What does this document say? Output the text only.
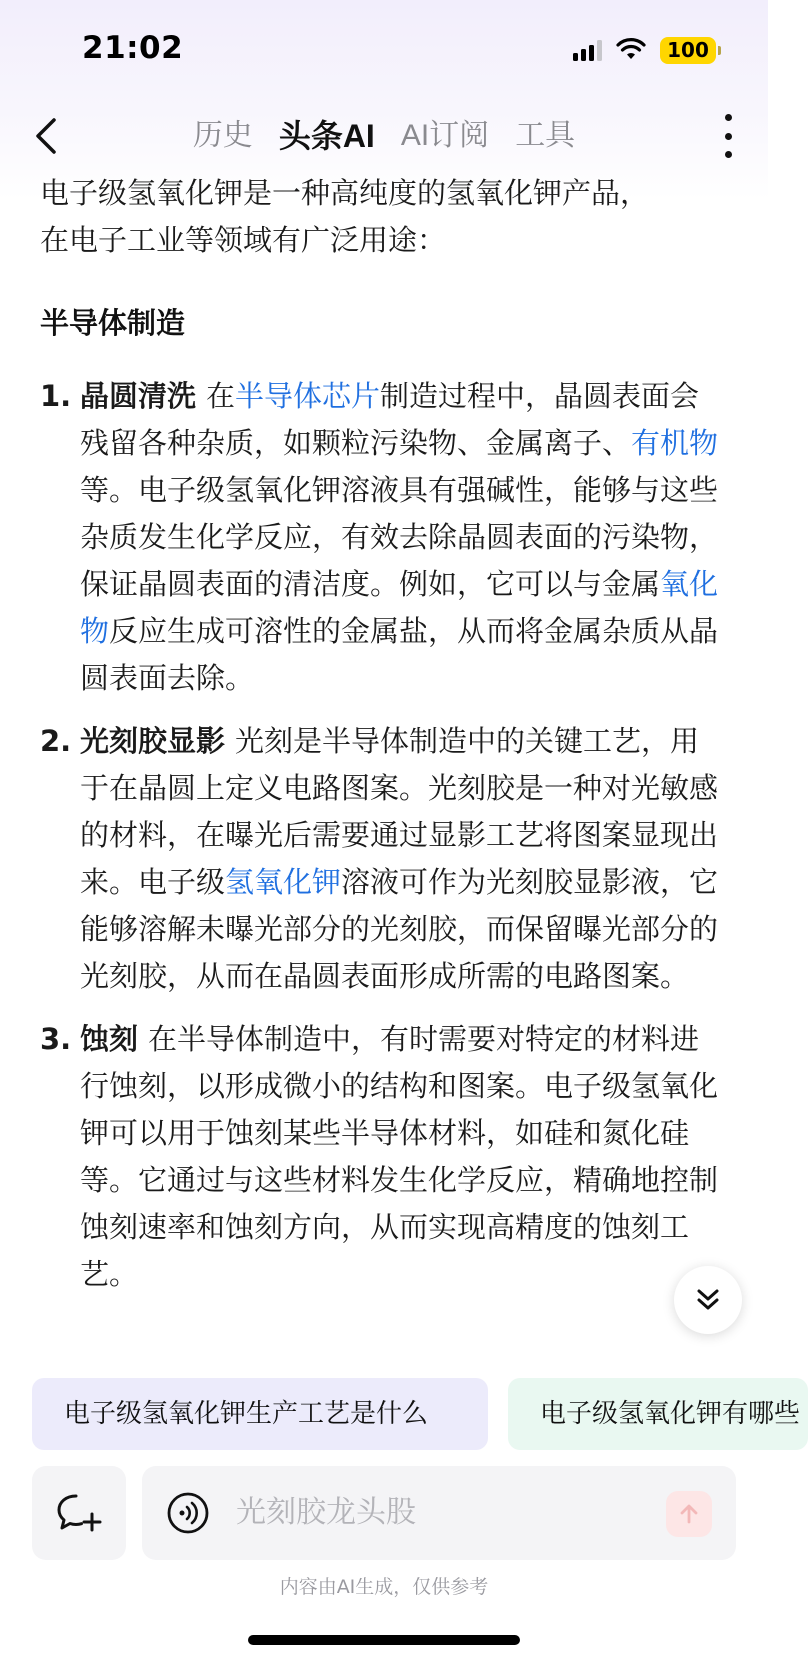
21:02	100
历史 头条AI AI订阅 工具

电子级氢氧化钾是一种高纯度的氢氧化钾产品，
在电子工业等领域有广泛用途：

半导体制造
1. 晶圆清洗 在半导体芯片制造过程中，晶圆表面会残留各种杂质，如颗粒污染物、金属离子、有机物等。电子级氢氧化钾溶液具有强碱性，能够与这些杂质发生化学反应，有效去除晶圆表面的污染物，保证晶圆表面的清洁度。例如，它可以与金属氧化物反应生成可溶性的金属盐，从而将金属杂质从晶圆表面去除。
2. 光刻胶显影 光刻是半导体制造中的关键工艺，用于在晶圆上定义电路图案。光刻胶是一种对光敏感的材料，在曝光后需要通过显影工艺将图案显现出来。电子级氢氧化钾溶液可作为光刻胶显影液，它能够溶解未曝光部分的光刻胶，而保留曝光部分的光刻胶，从而在晶圆表面形成所需的电路图案。
3. 蚀刻 在半导体制造中，有时需要对特定的材料进行蚀刻，以形成微小的结构和图案。电子级氢氧化钾可以用于蚀刻某些半导体材料，如硅和氮化硅等。它通过与这些材料发生化学反应，精确地控制蚀刻速率和蚀刻方向，从而实现高精度的蚀刻工艺。
电子级氢氧化钾生产工艺是什么	电子级氢氧化钾有哪些
光刻胶龙头股
内容由AI生成，仅供参考
